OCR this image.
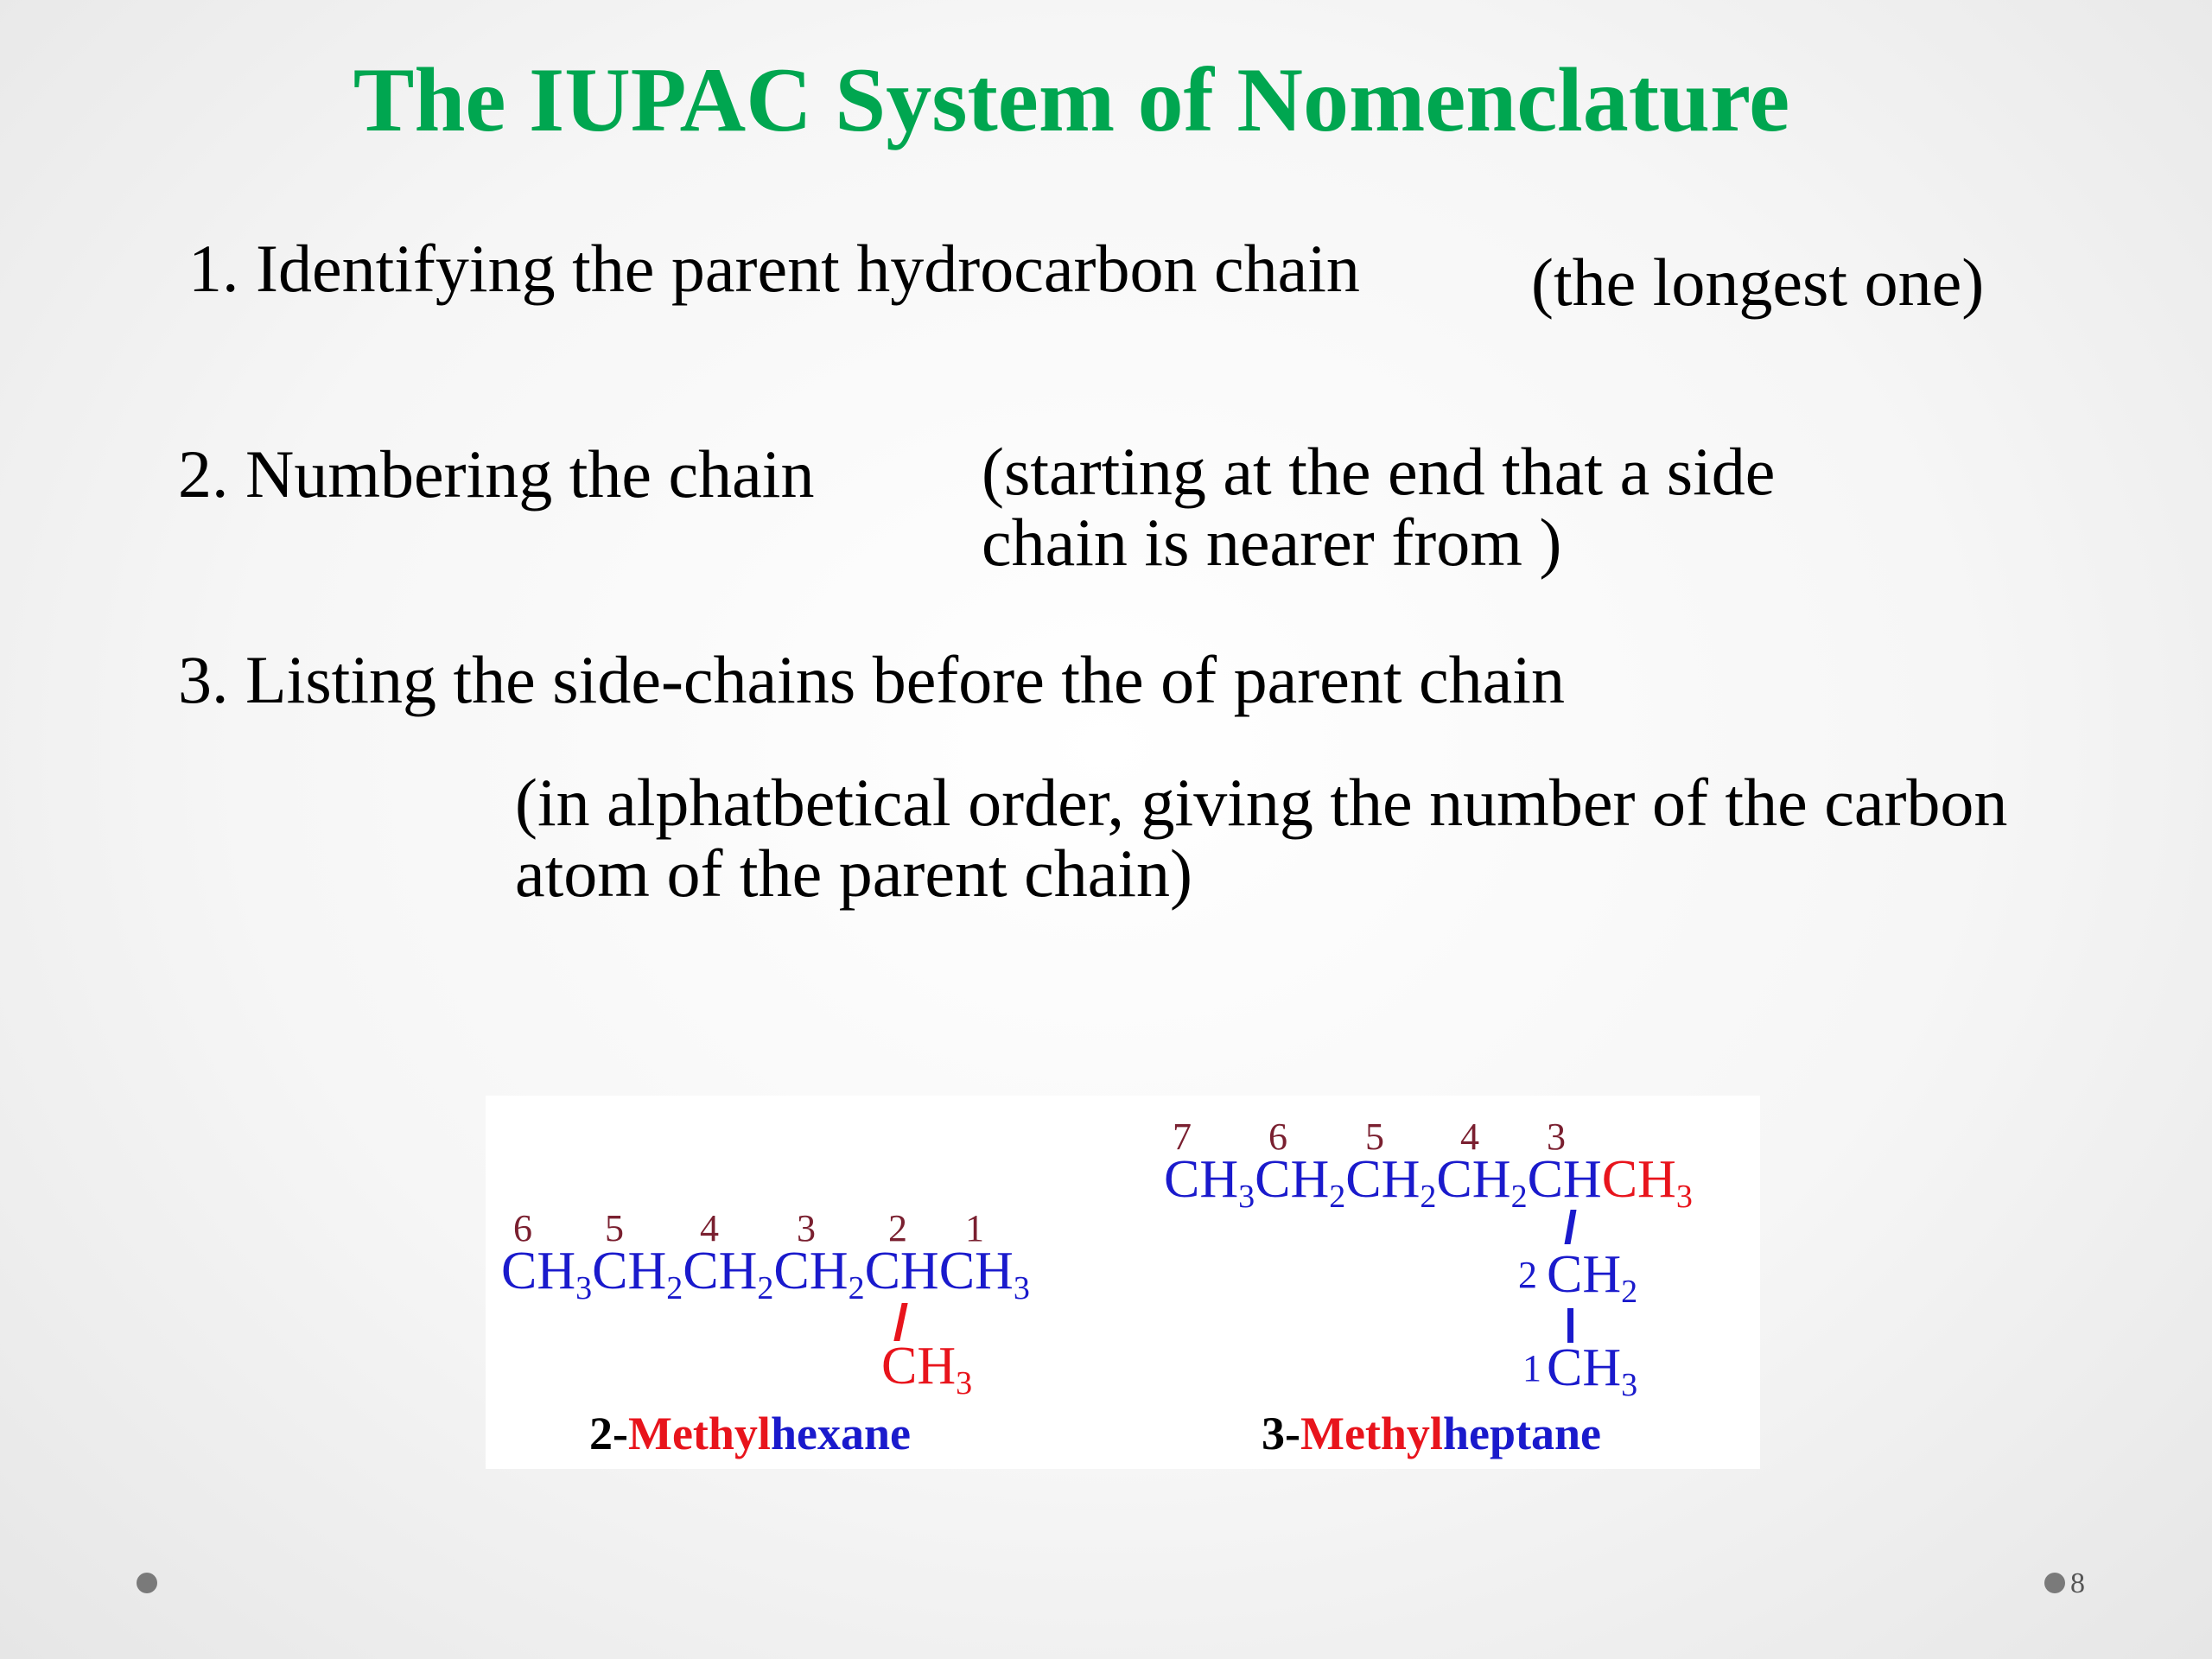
The IUPAC System of Nomenclature
1. Identifying the parent hydrocarbon chain	(the longest one)
2. Numbering the chain (starting at the end that a side
chain is nearer from )
3. Listing the side-chains before the of parent chain
(in alphatbetical order, giving the number of the carbon
atom of the parent chain)
6 5 4 3 2 1
$CH_3CH_2CH_2CH_2CHCH_3$
$CH_3$
2-Methylhexane
7 6 5 4 3
$CH_3CH_2CH_2CH_2CHCH_3$
2 $CH_2$
1 $CH_3$
3-Methylheptane
8
